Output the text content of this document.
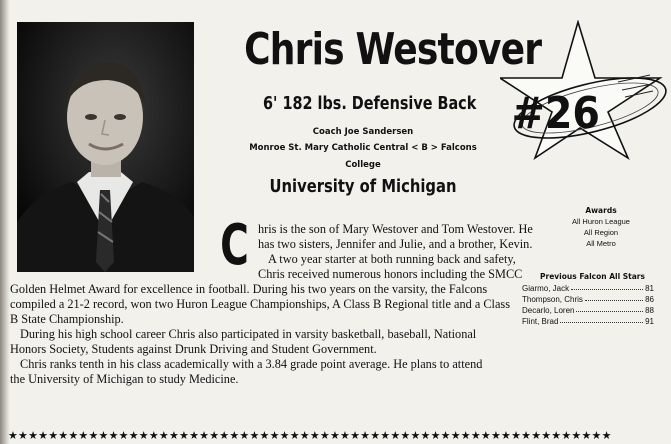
Chris Westover
6' 182 lbs. Defensive Back
Coach Joe Sandersen
Monroe St. Mary Catholic Central < B > Falcons
College
University of Michigan
#26
C hris is the son of Mary Westover and Tom Westover. He
has two sisters, Jennifer and Julie, and a brother, Kevin.
A two year starter at both running back and safety,
Chris received numerous honors including the SMCC
Golden Helmet Award for excellence in football. During his two years on the varsity, the Falcons
compiled a 21-2 record, won two Huron League Championships, A Class B Regional title and a Class
B State Championship.
During his high school career Chris also participated in varsity basketball, baseball, National
Honors Society, Students against Drunk Driving and Student Government.
Chris ranks tenth in his class academically with a 3.84 grade point average. He plans to attend
the University of Michigan to study Medicine.
Awards
All Huron League
All Region
All Metro
Previous Falcon All Stars
Giarmo, Jack	81
Thompson, Chris	86
Decarlo, Loren	88
Flint, Brad	91
★★★★★★★★★★★★★★★★★★★★★★★★★★★★★★★★★★★★★★★★★★★★★★★★★★★★★★★★★★★★
